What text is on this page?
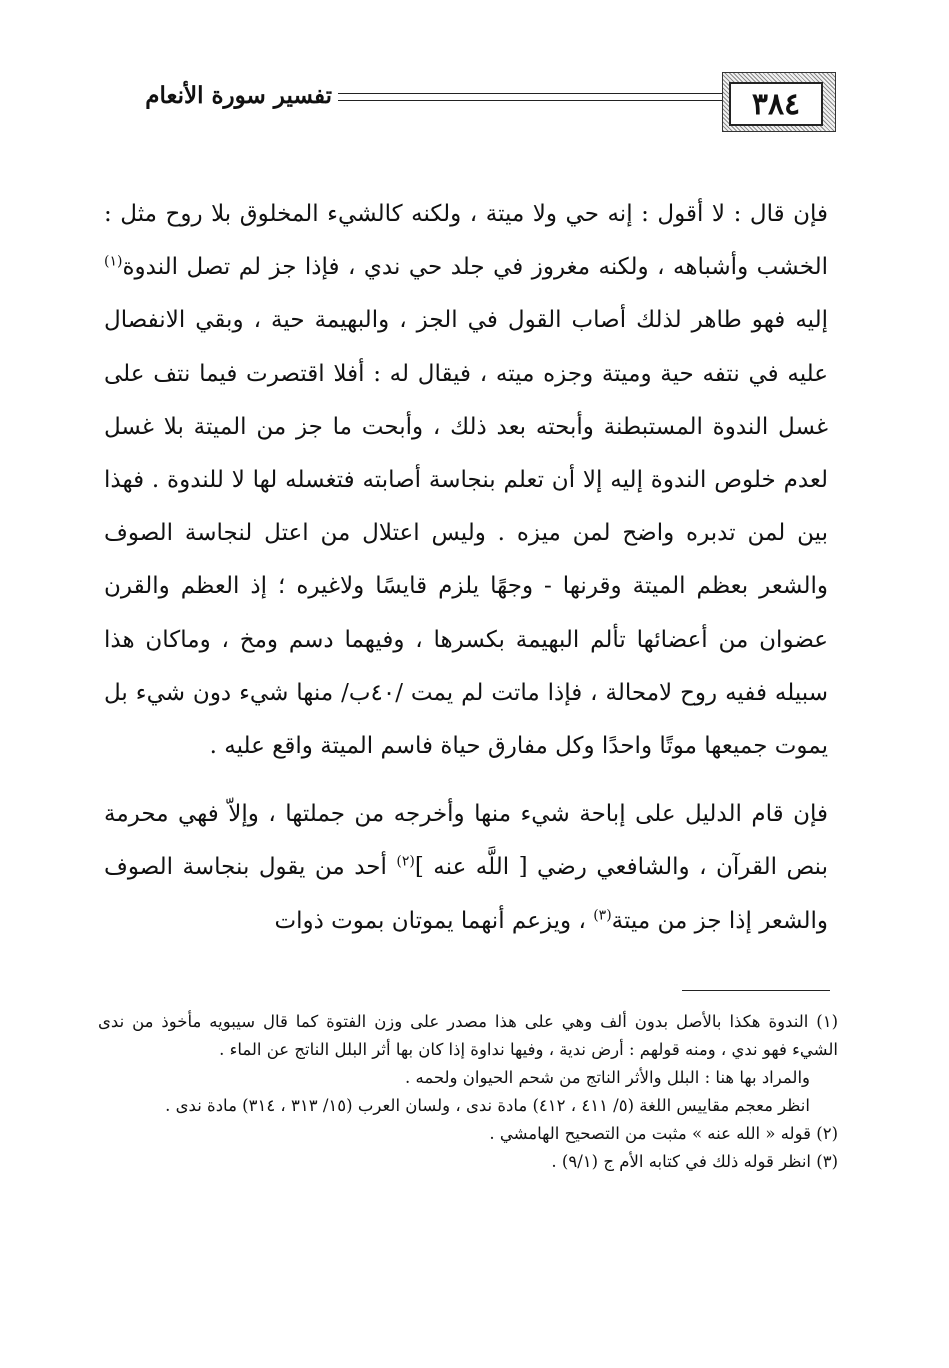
٣٨٤
تفسير سورة الأنعام

فإن قال : لا أقول : إنه حي ولا ميتة ، ولكنه كالشيء المخلوق بلا روح مثل : الخشب وأشباهه ، ولكنه مغروز في جلد حي ندي ، فإذا جز لم تصل الندوة$^{(١)}$ إليه فهو طاهر لذلك أصاب القول في الجز ، والبهيمة حية ، وبقي الانفصال عليه في نتفه حية وميتة وجزه ميته ، فيقال له : أفلا اقتصرت فيما نتف على غسل الندوة المستبطنة وأبحته بعد ذلك ، وأبحت ما جز من الميتة بلا غسل لعدم خلوص الندوة إليه إلا أن تعلم بنجاسة أصابته فتغسله لها لا للندوة . فهذا بين لمن تدبره واضح لمن ميزه . وليس اعتلال من اعتل لنجاسة الصوف والشعر بعظم الميتة وقرنها - وجهًا يلزم قايسًا ولاغيره ؛ إذ العظم والقرن عضوان من أعضائها تألم البهيمة بكسرها ، وفيهما دسم ومخ ، وماكان هذا سبيله ففيه روح لامحالة ، فإذا ماتت لم يمت /٤٠ب/ منها شيء دون شيء بل يموت جميعها موتًا واحدًا وكل مفارق حياة فاسم الميتة واقع عليه .

فإن قام الدليل على إباحة شيء منها وأخرجه من جملتها ، وإلاّ فهي محرمة بنص القرآن ، والشافعي رضي [ اللَّه عنه ]$^{(٢)}$ أحد من يقول بنجاسة الصوف والشعر إذا جز من ميتة$^{(٣)}$ ، ويزعم أنهما يموتان بموت ذوات

(١) الندوة هكذا بالأصل بدون ألف وهي على هذا مصدر على وزن الفتوة كما قال سيبويه مأخوذ من ندى الشيء فهو ندي ، ومنه قولهم : أرض ندية ، وفيها نداوة إذا كان بها أثر البلل الناتج عن الماء .

والمراد بها هنا : البلل والأثر الناتج من شحم الحيوان ولحمه .

انظر معجم مقاييس اللغة (٥/ ٤١١ ، ٤١٢) مادة ندى ، ولسان العرب (١٥/ ٣١٣ ، ٣١٤) مادة ندى .

(٢) قوله « الله عنه » مثبت من التصحيح الهامشي .

(٣) انظر قوله ذلك في كتابه الأم ج (٩/١) .
